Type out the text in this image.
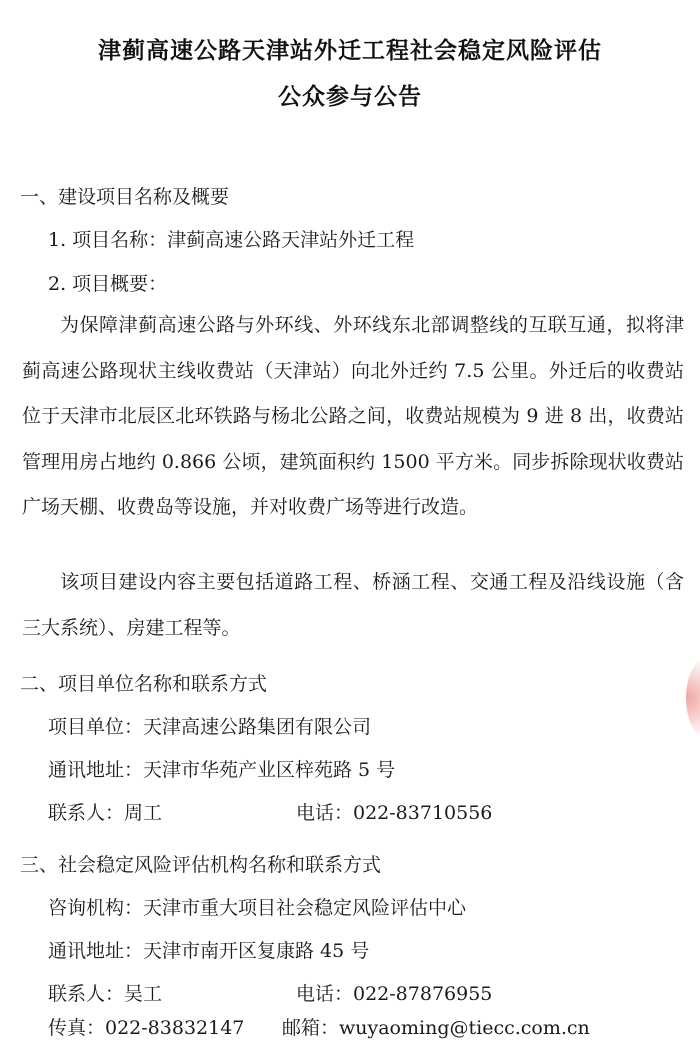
津蓟高速公路天津站外迁工程社会稳定风险评估
公众参与公告
一、建设项目名称及概要
1. 项目名称：津蓟高速公路天津站外迁工程
2. 项目概要：
为保障津蓟高速公路与外环线、外环线东北部调整线的互联互通，拟将津蓟高速公路现状主线收费站（天津站）向北外迁约 7.5 公里。外迁后的收费站位于天津市北辰区北环铁路与杨北公路之间，收费站规模为 9 进 8 出，收费站管理用房占地约 0.866 公顷，建筑面积约 1500 平方米。同步拆除现状收费站广场天棚、收费岛等设施，并对收费广场等进行改造。
该项目建设内容主要包括道路工程、桥涵工程、交通工程及沿线设施（含三大系统）、房建工程等。
二、项目单位名称和联系方式
项目单位：天津高速公路集团有限公司
通讯地址：天津市华苑产业区梓苑路 5 号
联系人：周工	电话：022-83710556
三、社会稳定风险评估机构名称和联系方式
咨询机构：天津市重大项目社会稳定风险评估中心
通讯地址：天津市南开区复康路 45 号
联系人：吴工	电话：022-87876955
传真：022-83832147 邮箱：wuyaoming@tiecc.com.cn
